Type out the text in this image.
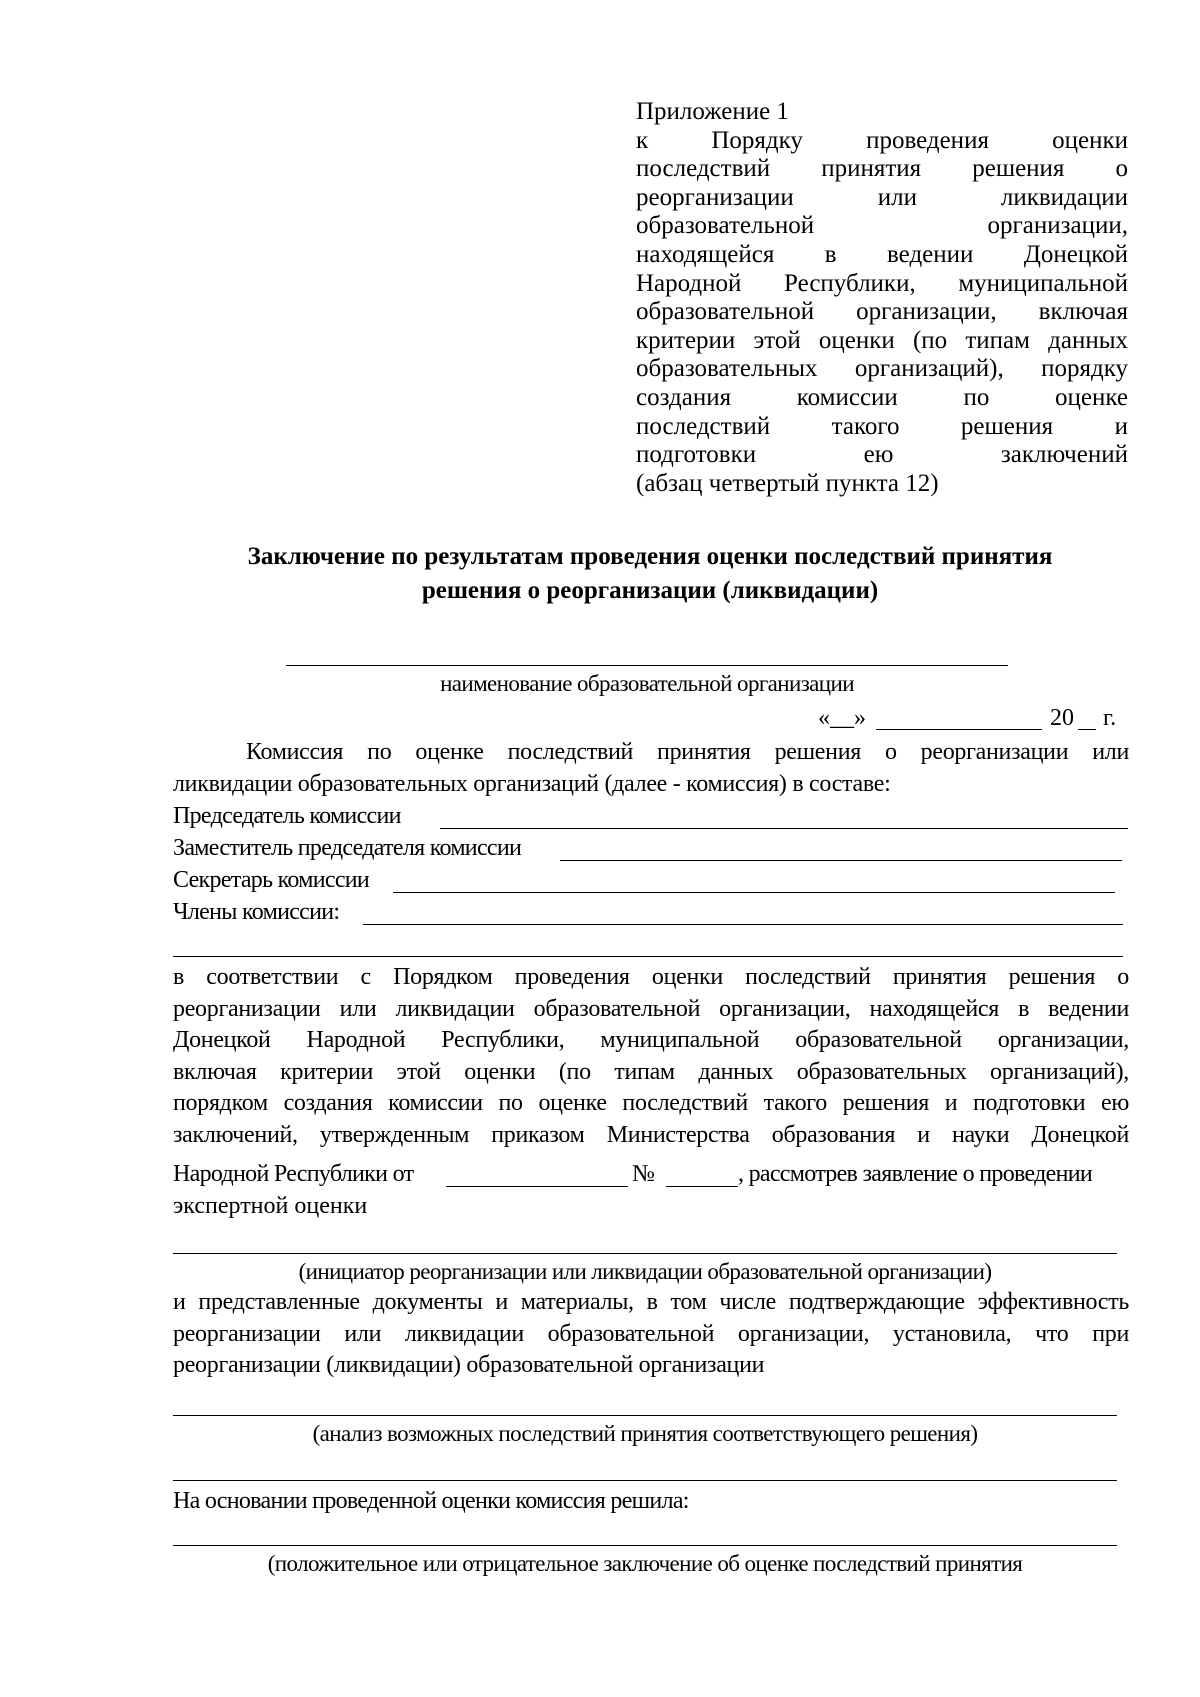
Приложение 1
к Порядку проведения оценки
последствий принятия решения о
реорганизации или ликвидации
образовательной организации,
находящейся в ведении Донецкой
Народной Республики, муниципальной
образовательной организации, включая
критерии этой оценки (по типам данных
образовательных организаций), порядку
создания комиссии по оценке
последствий такого решения и
подготовки ею заключений
(абзац четвертый пункта 12)
Заключение по результатам проведения оценки последствий принятия
решения о реорганизации (ликвидации)
наименование образовательной организации
«__»	20 г.
Комиссия по оценке последствий принятия решения о реорганизации или
ликвидации образовательных организаций (далее - комиссия) в составе:
Председатель комиссии
Заместитель председателя комиссии
Секретарь комиссии
Члены комиссии:
в соответствии с Порядком проведения оценки последствий принятия решения о
реорганизации или ликвидации образовательной организации, находящейся в ведении
Донецкой Народной Республики, муниципальной образовательной организации,
включая критерии этой оценки (по типам данных образовательных организаций),
порядком создания комиссии по оценке последствий такого решения и подготовки ею
заключений, утвержденным приказом Министерства образования и науки Донецкой
Народной Республики от	№	, рассмотрев заявление о проведении
экспертной оценки
(инициатор реорганизации или ликвидации образовательной организации)
и представленные документы и материалы, в том числе подтверждающие эффективность
реорганизации или ликвидации образовательной организации, установила, что при
реорганизации (ликвидации) образовательной организации
(анализ возможных последствий принятия соответствующего решения)
На основании проведенной оценки комиссия решила:
(положительное или отрицательное заключение об оценке последствий принятия
